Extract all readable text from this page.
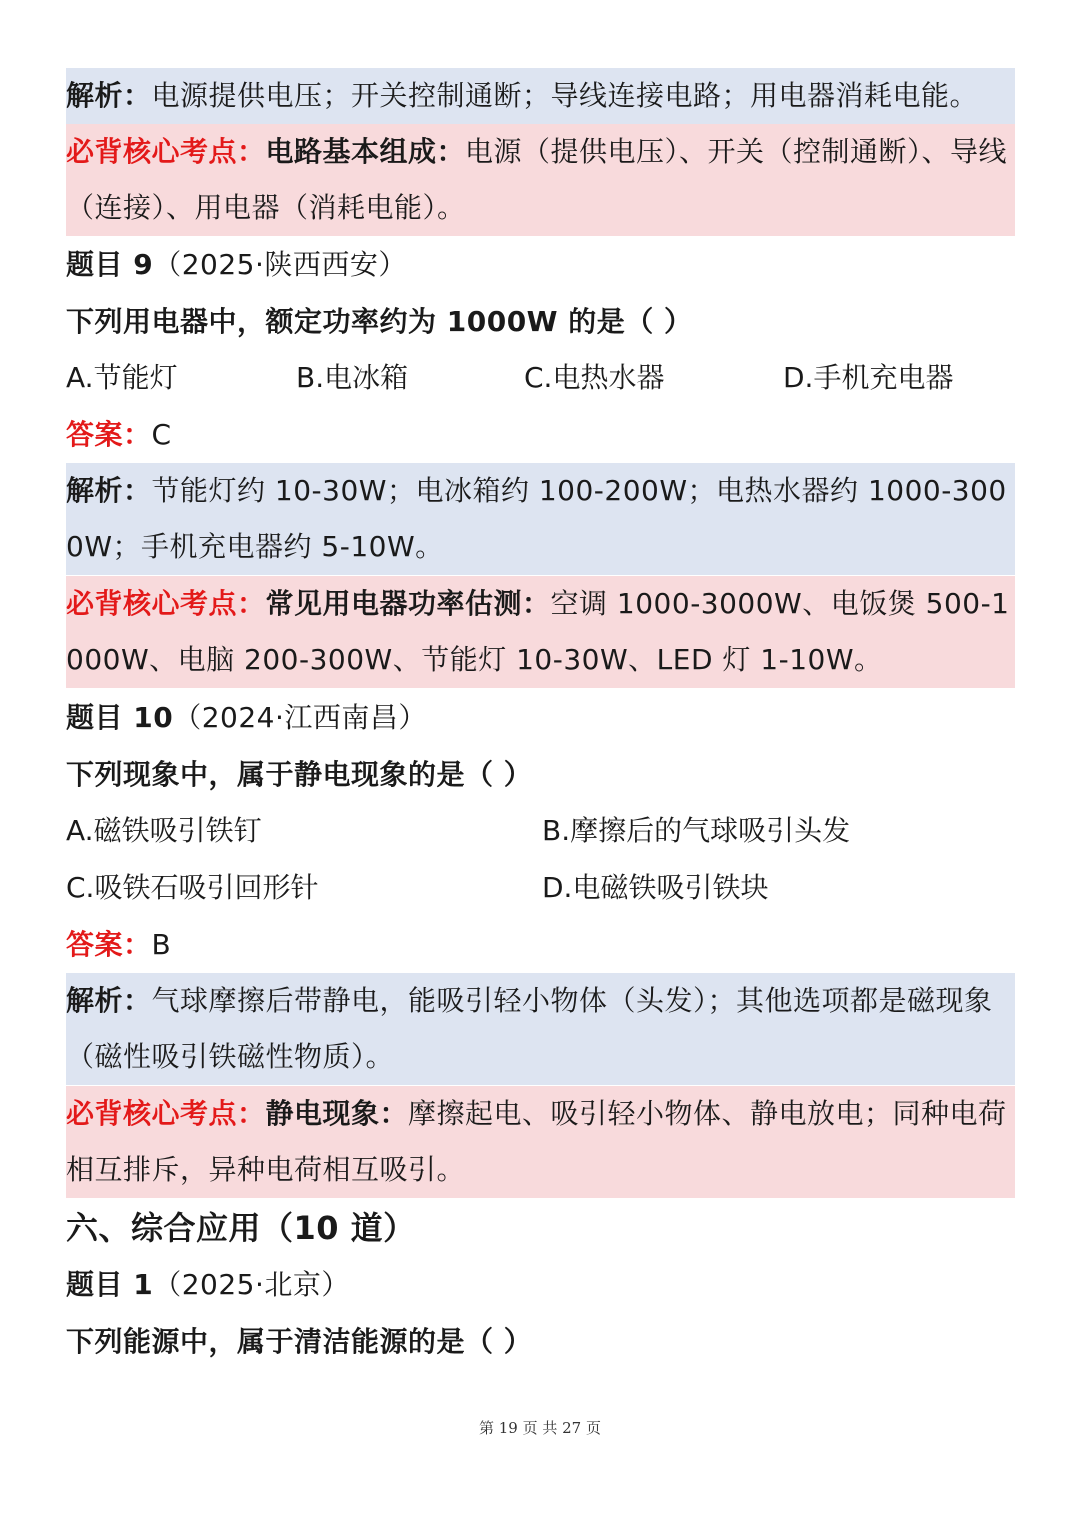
解析：电源提供电压；开关控制通断；导线连接电路；用电器消耗电能。
必背核心考点：电路基本组成：电源（提供电压）、开关（控制通断）、导线（连接）、用电器（消耗电能）。
题目 9（2025·陕西西安）
下列用电器中，额定功率约为 1000W 的是（ ）
A.节能灯	B.电冰箱	C.电热水器	D.手机充电器
答案：C
解析：节能灯约 10-30W；电冰箱约 100-200W；电热水器约 1000-3000W；手机充电器约 5-10W。
必背核心考点：常见用电器功率估测：空调 1000-3000W、电饭煲 500-1000W、电脑 200-300W、节能灯 10-30W、LED 灯 1-10W。
题目 10（2024·江西南昌）
下列现象中，属于静电现象的是（ ）
A.磁铁吸引铁钉	B.摩擦后的气球吸引头发
C.吸铁石吸引回形针	D.电磁铁吸引铁块
答案：B
解析：气球摩擦后带静电，能吸引轻小物体（头发）；其他选项都是磁现象（磁性吸引铁磁性物质）。
必背核心考点：静电现象：摩擦起电、吸引轻小物体、静电放电；同种电荷相互排斥，异种电荷相互吸引。
六、综合应用（10 道）
题目 1（2025·北京）
下列能源中，属于清洁能源的是（ ）
第 19 页 共 27 页
